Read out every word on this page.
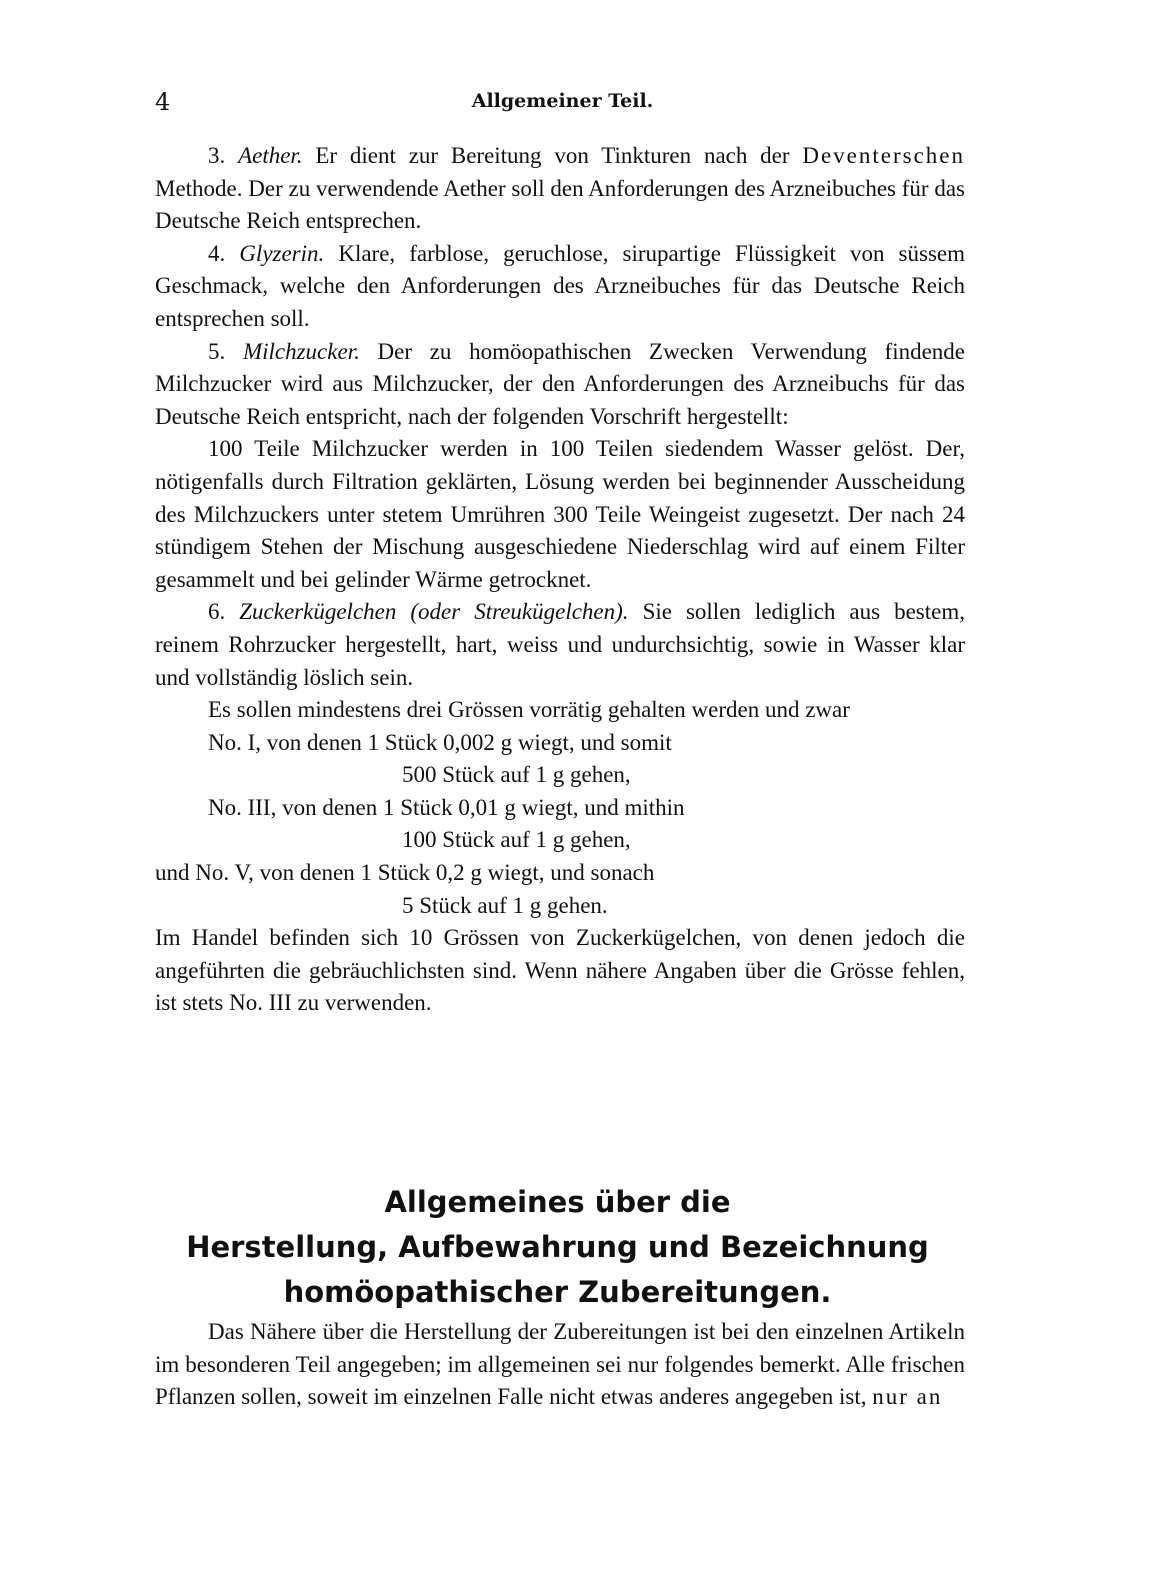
4	Allgemeiner Teil.

3. Aether. Er dient zur Bereitung von Tinkturen nach der Deventerschen Methode. Der zu verwendende Aether soll den Anforderungen des Arzneibuches für das Deutsche Reich entsprechen.

4. Glyzerin. Klare, farblose, geruchlose, sirupartige Flüssigkeit von süssem Geschmack, welche den Anforderungen des Arzneibuches für das Deutsche Reich entsprechen soll.

5. Milchzucker. Der zu homöopathischen Zwecken Verwendung findende Milchzucker wird aus Milchzucker, der den Anforderungen des Arzneibuchs für das Deutsche Reich entspricht, nach der folgenden Vorschrift hergestellt:

100 Teile Milchzucker werden in 100 Teilen siedendem Wasser gelöst. Der, nötigenfalls durch Filtration geklärten, Lösung werden bei beginnender Ausscheidung des Milchzuckers unter stetem Umrühren 300 Teile Weingeist zugesetzt. Der nach 24 stündigem Stehen der Mischung ausgeschiedene Niederschlag wird auf einem Filter gesammelt und bei gelinder Wärme getrocknet.

6. Zuckerkügelchen (oder Streukügelchen). Sie sollen lediglich aus bestem, reinem Rohrzucker hergestellt, hart, weiss und undurchsichtig, sowie in Wasser klar und vollständig löslich sein.

Es sollen mindestens drei Grössen vorrätig gehalten werden und zwar

No. I, von denen 1 Stück 0,002 g wiegt, und somit

500 Stück auf 1 g gehen,

No. III, von denen 1 Stück 0,01 g wiegt, und mithin

100 Stück auf 1 g gehen,

und No. V, von denen 1 Stück 0,2 g wiegt, und sonach

5 Stück auf 1 g gehen.

Im Handel befinden sich 10 Grössen von Zuckerkügelchen, von denen jedoch die angeführten die gebräuchlichsten sind. Wenn nähere Angaben über die Grösse fehlen, ist stets No. III zu verwenden.

Allgemeines über die
Herstellung, Aufbewahrung und Bezeichnung
homöopathischer Zubereitungen.

Das Nähere über die Herstellung der Zubereitungen ist bei den einzelnen Artikeln im besonderen Teil angegeben; im allgemeinen sei nur folgendes bemerkt. Alle frischen Pflanzen sollen, soweit im einzelnen Falle nicht etwas anderes angegeben ist, nur an
